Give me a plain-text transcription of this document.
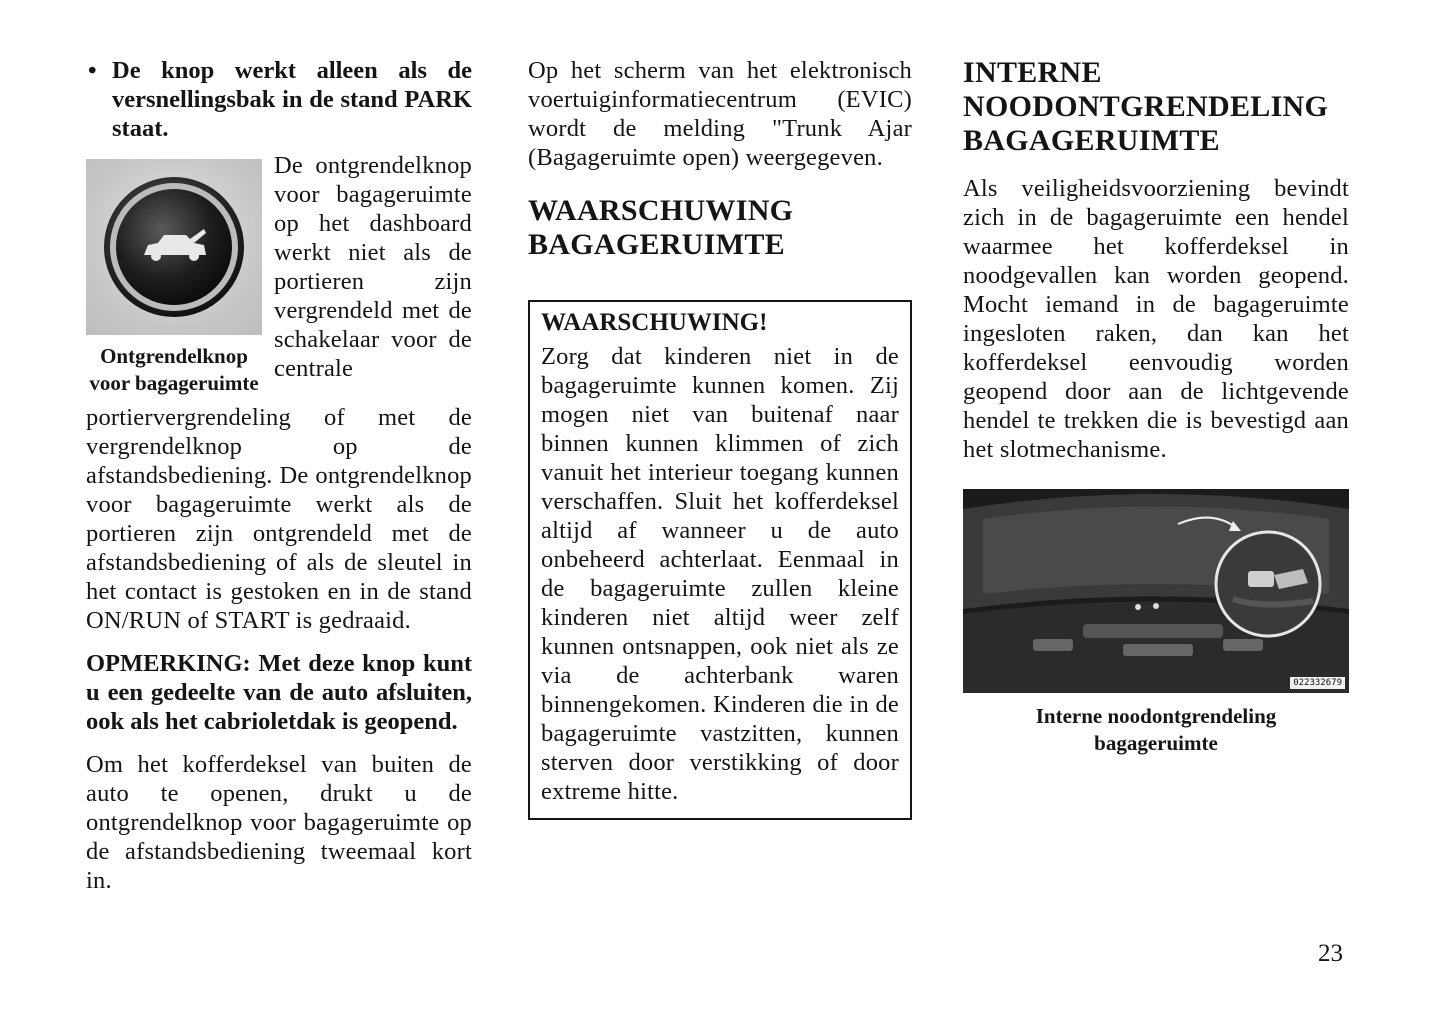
• De knop werkt alleen als de versnellingsbak in de stand PARK staat.
Ontgrendelknop voor bagageruimte

De ontgrendelknop voor bagageruimte op het dashboard werkt niet als de portieren zijn vergrendeld met de schakelaar voor de centrale portiervergrendeling of met de vergrendelknop op de afstandsbediening. De ontgrendelknop voor bagageruimte werkt als de portieren zijn ontgrendeld met de afstandsbediening of als de sleutel in het contact is gestoken en in de stand ON/RUN of START is gedraaid.

OPMERKING: Met deze knop kunt u een gedeelte van de auto afsluiten, ook als het cabrioletdak is geopend.

Om het kofferdeksel van buiten de auto te openen, drukt u de ontgrendelknop voor bagageruimte op de afstandsbediening tweemaal kort in.

Op het scherm van het elektronisch voertuiginformatiecentrum (EVIC) wordt de melding "Trunk Ajar (Bagageruimte open) weergegeven.

WAARSCHUWING
BAGAGERUIMTE
WAARSCHUWING!

Zorg dat kinderen niet in de bagageruimte kunnen komen. Zij mogen niet van buitenaf naar binnen kunnen klimmen of zich vanuit het interieur toegang kunnen verschaffen. Sluit het kofferdeksel altijd af wanneer u de auto onbeheerd achterlaat. Eenmaal in de bagageruimte zullen kleine kinderen niet altijd weer zelf kunnen ontsnappen, ook niet als ze via de achterbank waren binnengekomen. Kinderen die in de bagageruimte vastzitten, kunnen sterven door verstikking of door extreme hitte.

INTERNE
NOODONTGRENDELING
BAGAGERUIMTE

Als veiligheidsvoorziening bevindt zich in de bagageruimte een hendel waarmee het kofferdeksel in noodgevallen kan worden geopend. Mocht iemand in de bagageruimte ingesloten raken, dan kan het kofferdeksel eenvoudig worden geopend door aan de lichtgevende hendel te trekken die is bevestigd aan het slotmechanisme.

022332679
Interne noodontgrendeling
bagageruimte
23
